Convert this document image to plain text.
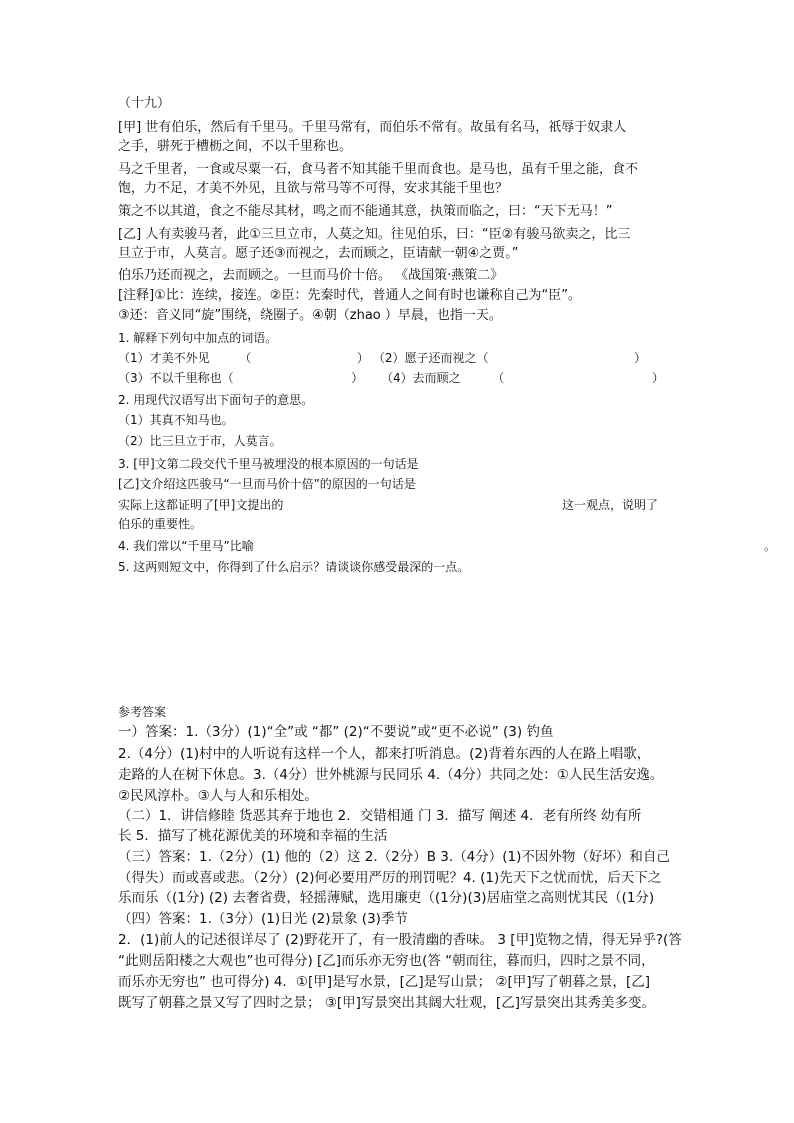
（十九）
[甲] 世有伯乐，然后有千里马。千里马常有，而伯乐不常有。故虽有名马，祇辱于奴隶人
之手，骈死于槽枥之间，不以千里称也。
马之千里者，一食或尽粟一石，食马者不知其能千里而食也。是马也，虽有千里之能，食不
饱，力不足，才美不外见，且欲与常马等不可得，安求其能千里也？
策之不以其道，食之不能尽其材，鸣之而不能通其意，执策而临之，曰：“天下无马！”
[乙] 人有卖骏马者，此①三旦立市，人莫之知。往见伯乐，曰：“臣②有骏马欲卖之，比三
旦立于市，人莫言。愿子还③而视之，去而顾之，臣请献一朝④之贾。”
伯乐乃还而视之，去而顾之。一旦而马价十倍。 《战国策·燕策二》
[注释]①比：连续，接连。②臣：先秦时代，普通人之间有时也谦称自己为“臣”。
③还：音义同“旋”围绕，绕圈子。④朝（zhao ）早晨，也指一天。
1. 解释下列句中加点的词语。
（1）才美不外见 （	） （2）愿子还而视之（	）
（3）不以千里称也（	） （4）去而顾之	（	）
2. 用现代汉语写出下面句子的意思。
（1）其真不知马也。
（2）比三旦立于市，人莫言。
3. [甲]文第二段交代千里马被埋没的根本原因的一句话是
[乙]文介绍这匹骏马“一旦而马价十倍”的原因的一句话是
实际上这都证明了[甲]文提出的	这一观点，说明了
伯乐的重要性。
4. 我们常以“千里马”比喻	。
5. 这两则短文中，你得到了什么启示？请谈谈你感受最深的一点。
参考答案
一）答案：1.（3分）(1)“全”或 “都” (2)“不要说”或“更不必说” (3) 钓鱼
2.（4分）(1)村中的人听说有这样一个人，都来打听消息。(2)背着东西的人在路上唱歌，
走路的人在树下休息。3.（4分）世外桃源与民同乐 4.（4分）共同之处：①人民生活安逸。
②民风淳朴。③人与人和乐相处。
（二）1．讲信修睦 货恶其弃于地也 2．交错相通 门 3．描写 阐述 4．老有所终 幼有所
长 5．描写了桃花源优美的环境和幸福的生活
（三）答案：1.（2分）(1) 他的（2）这 2.（2分）B 3.（4分）(1)不因外物（好坏）和自己
（得失）而或喜或悲。（2分）(2)何必要用严厉的刑罚呢？4. (1)先天下之忧而忧，后天下之
乐而乐（(1分) (2) 去奢省费，轻摇薄赋，选用廉吏（(1分)(3)居庙堂之高则忧其民（(1分)
（四）答案：1.（3分）(1)日光 (2)景象 (3)季节
2．(1)前人的记述很详尽了 (2)野花开了，有一股清幽的香味。 3 [甲]览物之情，得无异乎?(答
“此则岳阳楼之大观也”也可得分) [乙]而乐亦无穷也(答 “朝而往，暮而归，四时之景不同，
而乐亦无穷也” 也可得分) 4．①[甲]是写水景，[乙]是写山景； ②[甲]写了朝暮之景，[乙]
既写了朝暮之景又写了四时之景； ③[甲]写景突出其阔大壮观，[乙]写景突出其秀美多变。
